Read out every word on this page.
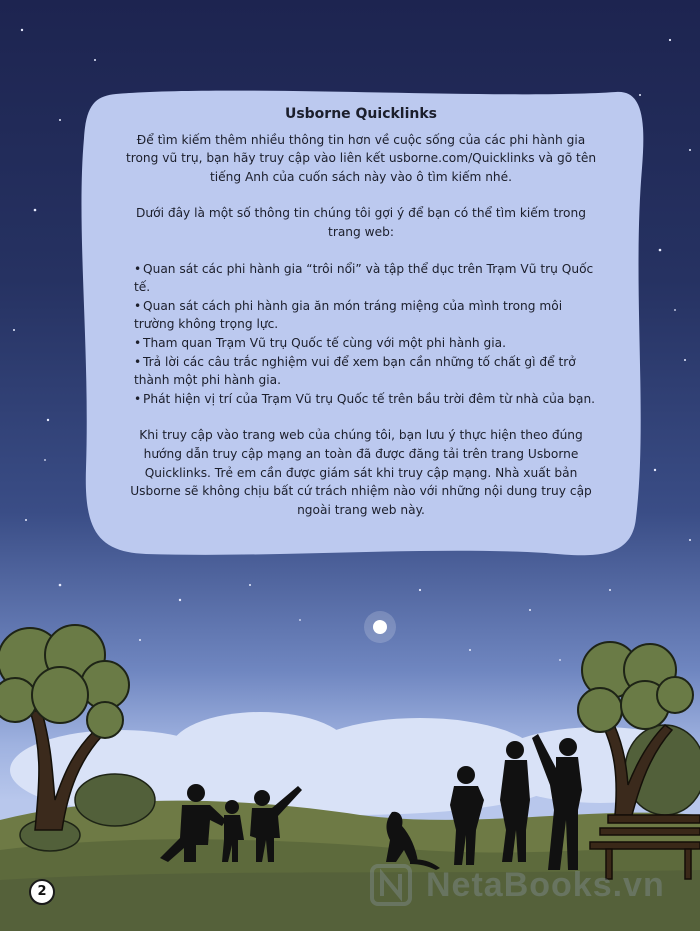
Usborne Quicklinks

Để tìm kiếm thêm nhiều thông tin hơn về cuộc sống của các phi hành gia trong vũ trụ, bạn hãy truy cập vào liên kết usborne.com/Quicklinks và gõ tên tiếng Anh của cuốn sách này vào ô tìm kiếm nhé.

Dưới đây là một số thông tin chúng tôi gợi ý để bạn có thể tìm kiếm trong trang web:

• Quan sát các phi hành gia “trôi nổi” và tập thể dục trên Trạm Vũ trụ Quốc tế.
• Quan sát cách phi hành gia ăn món tráng miệng của mình trong môi trường không trọng lực.
• Tham quan Trạm Vũ trụ Quốc tế cùng với một phi hành gia.
• Trả lời các câu trắc nghiệm vui để xem bạn cần những tố chất gì để trở thành một phi hành gia.
• Phát hiện vị trí của Trạm Vũ trụ Quốc tế trên bầu trời đêm từ nhà của bạn.

Khi truy cập vào trang web của chúng tôi, bạn lưu ý thực hiện theo đúng hướng dẫn truy cập mạng an toàn đã được đăng tải trên trang Usborne Quicklinks. Trẻ em cần được giám sát khi truy cập mạng. Nhà xuất bản Usborne sẽ không chịu bất cứ trách nhiệm nào với những nội dung truy cập ngoài trang web này.

2	NetaBooks.vn
